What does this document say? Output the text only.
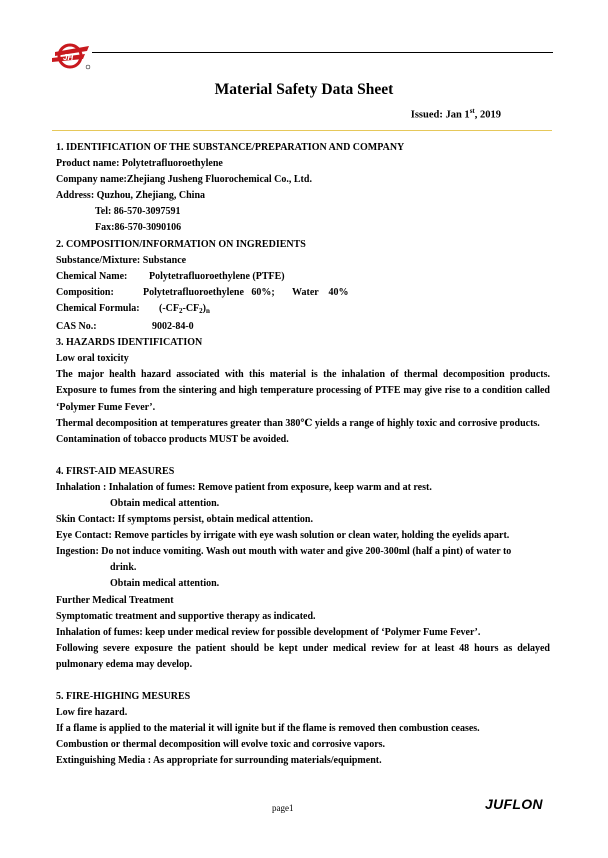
JH
Material Safety Data Sheet
Issued: Jan 1st, 2019
1. IDENTIFICATION OF THE SUBSTANCE/PREPARATION AND COMPANY
Product name: Polytetrafluoroethylene
Company name:Zhejiang Jusheng Fluorochemical Co., Ltd.
Address: Quzhou, Zhejiang, China
Tel: 86-570-3097591
Fax:86-570-3090106
2. COMPOSITION/INFORMATION ON INGREDIENTS
Substance/Mixture: Substance
Chemical Name: Polytetrafluoroethylene (PTFE)
Composition:	Polytetrafluoroethylene   60%;       Water    40%
Chemical Formula: $(-CF_2-CF_2)_n$
CAS No.:	9002-84-0
3. HAZARDS IDENTIFICATION
Low oral toxicity
The major health hazard associated with this material is the inhalation of thermal decomposition products. Exposure to fumes from the sintering and high temperature processing of PTFE may give rise to a condition called ‘Polymer Fume Fever’.
Thermal decomposition at temperatures greater than 380℃ yields a range of highly toxic and corrosive products.
Contamination of tobacco products MUST be avoided.
4. FIRST-AID MEASURES
Inhalation : Inhalation of fumes: Remove patient from exposure, keep warm and at rest.
Obtain medical attention.
Skin Contact: If symptoms persist, obtain medical attention.
Eye Contact: Remove particles by irrigate with eye wash solution or clean water, holding the eyelids apart.
Ingestion: Do not induce vomiting. Wash out mouth with water and give 200-300ml (half a pint) of water to
drink.
Obtain medical attention.
Further Medical Treatment
Symptomatic treatment and supportive therapy as indicated.
Inhalation of fumes: keep under medical review for possible development of ‘Polymer Fume Fever’.
Following severe exposure the patient should be kept under medical review for at least 48 hours as delayed pulmonary edema may develop.
5. FIRE-HIGHING MESURES
Low fire hazard.
If a flame is applied to the material it will ignite but if the flame is removed then combustion ceases.
Combustion or thermal decomposition will evolve toxic and corrosive vapors.
Extinguishing Media : As appropriate for surrounding materials/equipment.
page1	JUFLON
